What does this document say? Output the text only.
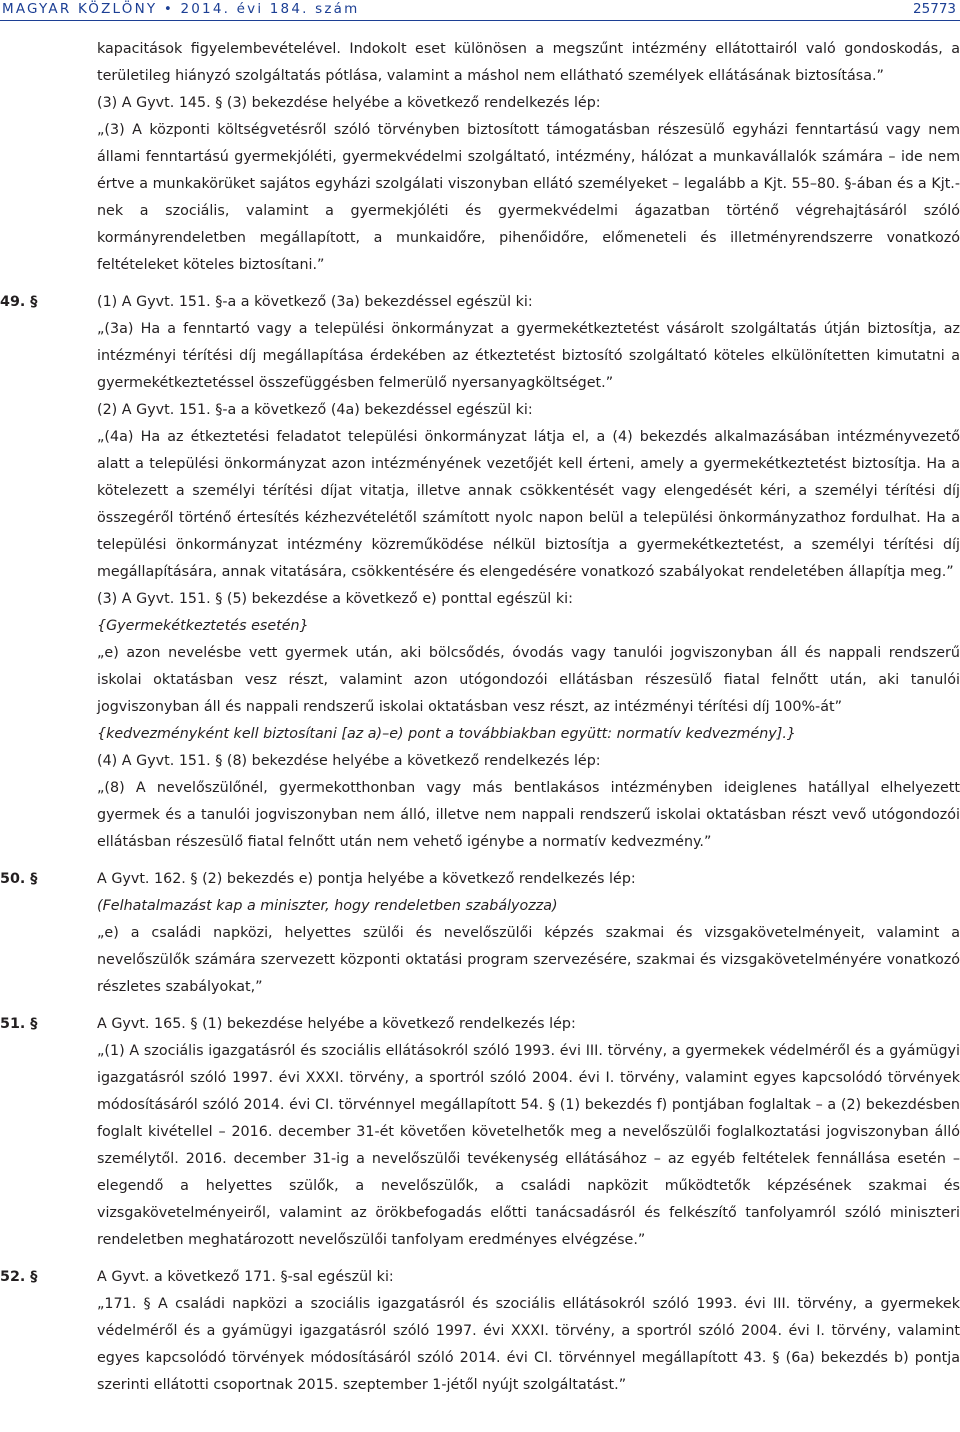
MAGYAR KÖZLÖNY • 2014. évi 184. szám	25773

kapacitások figyelembevételével. Indokolt eset különösen a megszűnt intézmény ellátottairól való gondoskodás, a területileg hiányzó szolgáltatás pótlása, valamint a máshol nem ellátható személyek ellátásának biztosítása.”

(3) A Gyvt. 145. § (3) bekezdése helyébe a következő rendelkezés lép:

„(3) A központi költségvetésről szóló törvényben biztosított támogatásban részesülő egyházi fenntartású vagy nem állami fenntartású gyermekjóléti, gyermekvédelmi szolgáltató, intézmény, hálózat a munkavállalók számára – ide nem értve a munkakörüket sajátos egyházi szolgálati viszonyban ellátó személyeket – legalább a Kjt. 55–80. §-ában és a Kjt.-nek a szociális, valamint a gyermekjóléti és gyermekvédelmi ágazatban történő végrehajtásáról szóló kormányrendeletben megállapított, a munkaidőre, pihenőidőre, előmeneteli és illetményrendszerre vonatkozó feltételeket köteles biztosítani.”

49. §	(1) A Gyvt. 151. §-a a következő (3a) bekezdéssel egészül ki:

„(3a) Ha a fenntartó vagy a települési önkormányzat a gyermekétkeztetést vásárolt szolgáltatás útján biztosítja, az intézményi térítési díj megállapítása érdekében az étkeztetést biztosító szolgáltató köteles elkülönítetten kimutatni a gyermekétkeztetéssel összefüggésben felmerülő nyersanyagköltséget.”

(2) A Gyvt. 151. §-a a következő (4a) bekezdéssel egészül ki:

„(4a) Ha az étkeztetési feladatot települési önkormányzat látja el, a (4) bekezdés alkalmazásában intézményvezető alatt a települési önkormányzat azon intézményének vezetőjét kell érteni, amely a gyermekétkeztetést biztosítja. Ha a kötelezett a személyi térítési díjat vitatja, illetve annak csökkentését vagy elengedését kéri, a személyi térítési díj összegéről történő értesítés kézhezvételétől számított nyolc napon belül a települési önkormányzathoz fordulhat. Ha a települési önkormányzat intézmény közreműködése nélkül biztosítja a gyermekétkeztetést, a személyi térítési díj megállapítására, annak vitatására, csökkentésére és elengedésére vonatkozó szabályokat rendeletében állapítja meg.”

(3) A Gyvt. 151. § (5) bekezdése a következő e) ponttal egészül ki:

{Gyermekétkeztetés esetén}

„e) azon nevelésbe vett gyermek után, aki bölcsődés, óvodás vagy tanulói jogviszonyban áll és nappali rendszerű iskolai oktatásban vesz részt, valamint azon utógondozói ellátásban részesülő fiatal felnőtt után, aki tanulói jogviszonyban áll és nappali rendszerű iskolai oktatásban vesz részt, az intézményi térítési díj 100%-át”

{kedvezményként kell biztosítani [az a)–e) pont a továbbiakban együtt: normatív kedvezmény].}

(4) A Gyvt. 151. § (8) bekezdése helyébe a következő rendelkezés lép:

„(8) A nevelőszülőnél, gyermekotthonban vagy más bentlakásos intézményben ideiglenes hatállyal elhelyezett gyermek és a tanulói jogviszonyban nem álló, illetve nem nappali rendszerű iskolai oktatásban részt vevő utógondozói ellátásban részesülő fiatal felnőtt után nem vehető igénybe a normatív kedvezmény.”

50. §	A Gyvt. 162. § (2) bekezdés e) pontja helyébe a következő rendelkezés lép:

(Felhatalmazást kap a miniszter, hogy rendeletben szabályozza)

„e) a családi napközi, helyettes szülői és nevelőszülői képzés szakmai és vizsgakövetelményeit, valamint a nevelőszülők számára szervezett központi oktatási program szervezésére, szakmai és vizsgakövetelményére vonatkozó részletes szabályokat,”

51. §	A Gyvt. 165. § (1) bekezdése helyébe a következő rendelkezés lép:

„(1) A szociális igazgatásról és szociális ellátásokról szóló 1993. évi III. törvény, a gyermekek védelméről és a gyámügyi igazgatásról szóló 1997. évi XXXI. törvény, a sportról szóló 2004. évi I. törvény, valamint egyes kapcsolódó törvények módosításáról szóló 2014. évi CI. törvénnyel megállapított 54. § (1) bekezdés f) pontjában foglaltak – a (2) bekezdésben foglalt kivétellel – 2016. december 31-ét követően követelhetők meg a nevelőszülői foglalkoztatási jogviszonyban álló személytől. 2016. december 31-ig a nevelőszülői tevékenység ellátásához – az egyéb feltételek fennállása esetén – elegendő a helyettes szülők, a nevelőszülők, a családi napközit működtetők képzésének szakmai és vizsgakövetelményeiről, valamint az örökbefogadás előtti tanácsadásról és felkészítő tanfolyamról szóló miniszteri rendeletben meghatározott nevelőszülői tanfolyam eredményes elvégzése.”

52. §	A Gyvt. a következő 171. §-sal egészül ki:

„171. § A családi napközi a szociális igazgatásról és szociális ellátásokról szóló 1993. évi III. törvény, a gyermekek védelméről és a gyámügyi igazgatásról szóló 1997. évi XXXI. törvény, a sportról szóló 2004. évi I. törvény, valamint egyes kapcsolódó törvények módosításáról szóló 2014. évi CI. törvénnyel megállapított 43. § (6a) bekezdés b) pontja szerinti ellátotti csoportnak 2015. szeptember 1-jétől nyújt szolgáltatást.”
